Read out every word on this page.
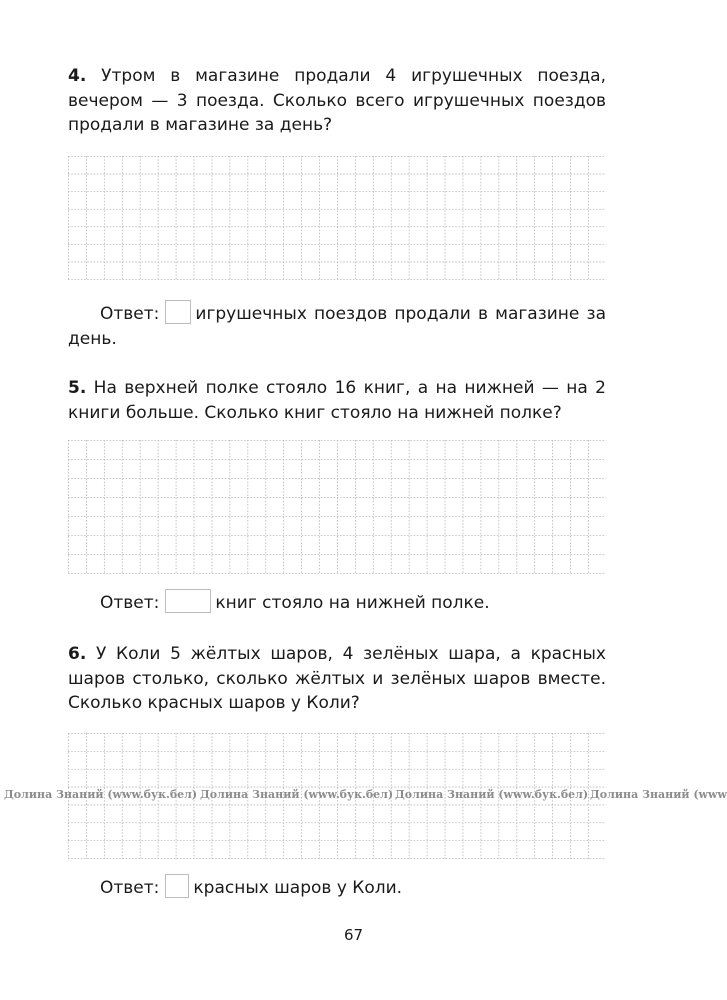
4. Утром в магазине продали 4 игрушечных поезда, вечером — 3 поезда. Сколько всего игрушечных поездов продали в магазине за день?
Ответ: игрушечных поездов продали в магазине за день.
5. На верхней полке стояло 16 книг, а на нижней — на 2 книги больше. Сколько книг стояло на нижней полке?
Ответ:	книг стояло на нижней полке.
6. У Коли 5 жёлтых шаров, 4 зелёных шара, а красных шаров столько, сколько жёлтых и зелёных шаров вместе. Сколько красных шаров у Коли?
Ответ: красных шаров у Коли.
Долина Знаний (www.бук.бел) Долина Знаний (www.бук.бел) Долина Знаний (www.бук.бел) Долина Знаний (www
67
